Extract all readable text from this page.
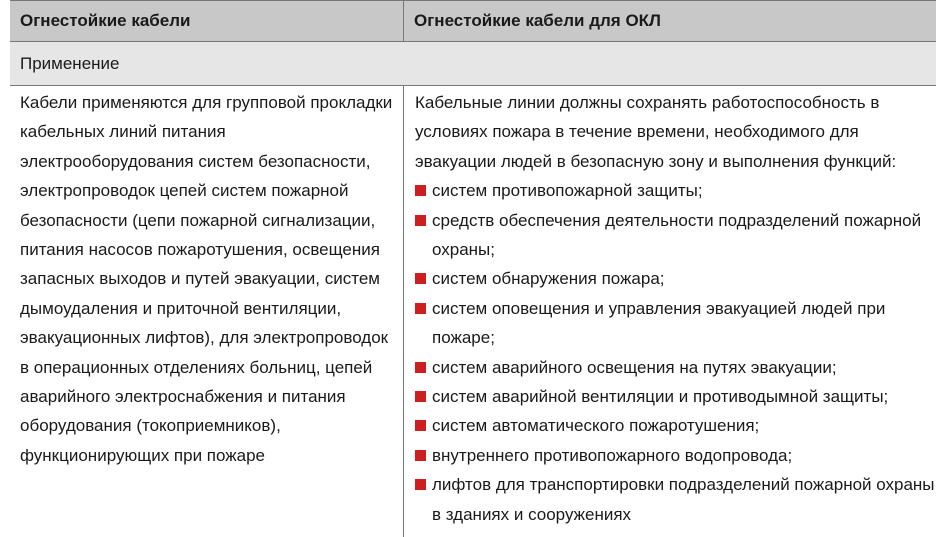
Огнестойкие кабели	Огнестойкие кабели для ОКЛ
Применение

Кабели применяются для групповой прокладки кабельных линий питания электрооборудования систем безопасности, электропроводок цепей систем пожарной безопасности (цепи пожарной сигнализации, питания насосов пожаротушения, освещения запасных выходов и путей эвакуации, систем дымоудаления и приточной вентиляции, эвакуационных лифтов), для электропроводок в операционных отделениях больниц, цепей аварийного электроснабжения и питания оборудования (токоприемников), функционирующих при пожаре

Кабельные линии должны сохранять работоспособность в условиях пожара в течение времени, необходимого для эвакуации людей в безопасную зону и выполнения функций:

систем противопожарной защиты;
средств обеспечения деятельности подразделений пожарной охраны;
систем обнаружения пожара;
систем оповещения и управления эвакуацией людей при пожаре;
систем аварийного освещения на путях эвакуации;
систем аварийной вентиляции и противодымной защиты;
систем автоматического пожаротушения;
внутреннего противопожарного водопровода;
лифтов для транспортировки подразделений пожарной охраны в зданиях и сооружениях
